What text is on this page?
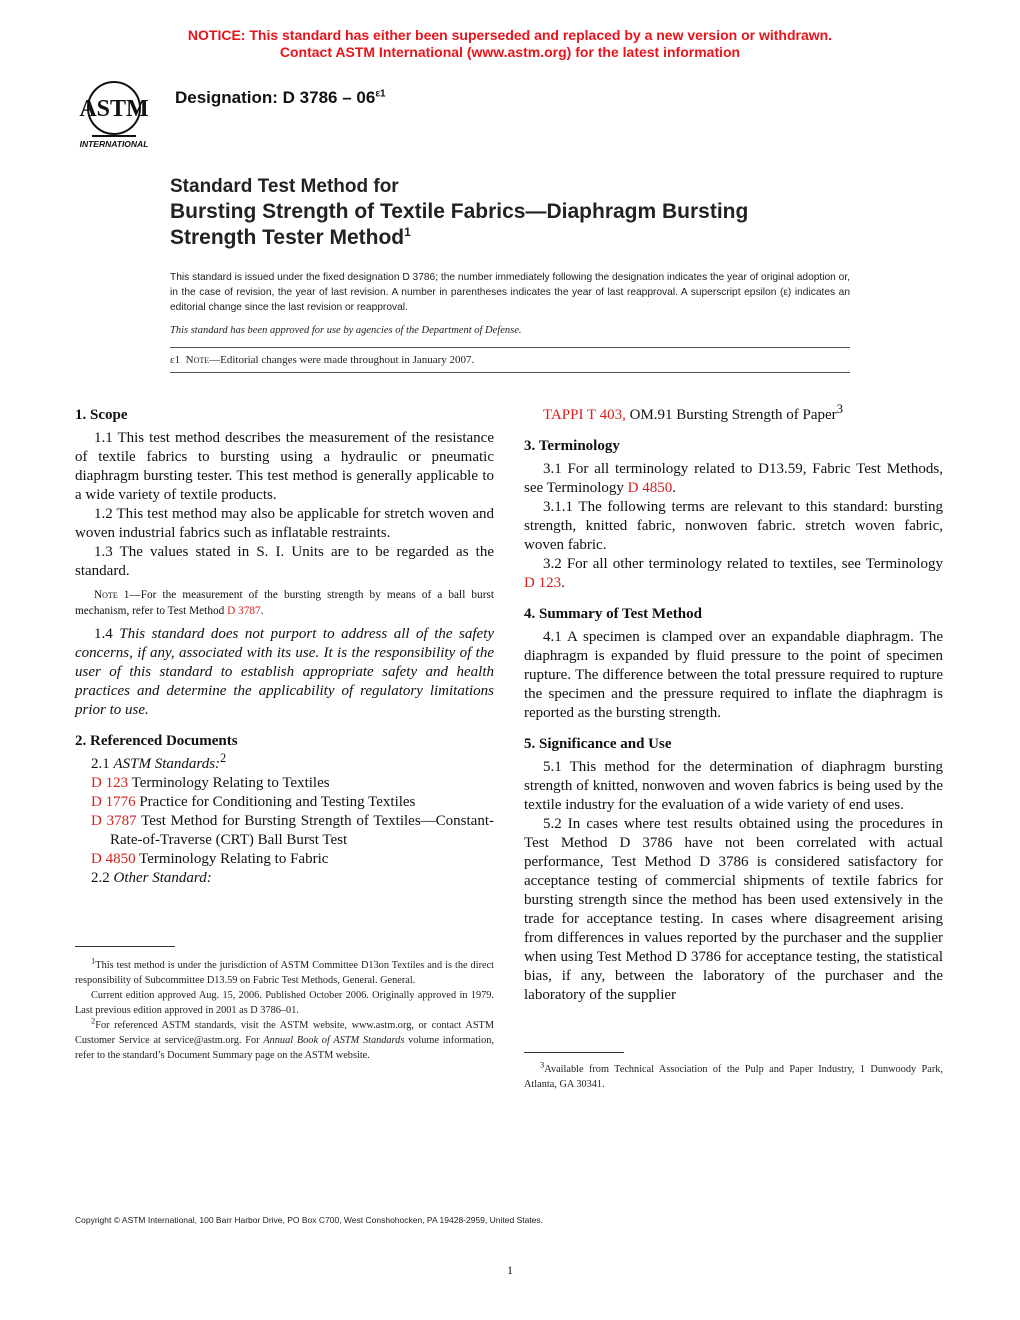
NOTICE: This standard has either been superseded and replaced by a new version or withdrawn.
Contact ASTM International (www.astm.org) for the latest information
ASTM
INTERNATIONAL
Designation: D $3786 - 06^{\varepsilon 1}$
Standard Test Method for
Bursting Strength of Textile Fabrics—Diaphragm Bursting
Strength Tester Method$^1$
This standard is issued under the fixed designation D 3786; the number immediately following the designation indicates the year of original adoption or, in the case of revision, the year of last revision. A number in parentheses indicates the year of last reapproval. A superscript epsilon (ε) indicates an editorial change since the last revision or reapproval.
This standard has been approved for use by agencies of the Department of Defense.
ε1 Note—Editorial changes were made throughout in January 2007.
1. Scope

1.1 This test method describes the measurement of the resistance of textile fabrics to bursting using a hydraulic or pneumatic diaphragm bursting tester. This test method is generally applicable to a wide variety of textile products.

1.2 This test method may also be applicable for stretch woven and woven industrial fabrics such as inflatable restraints.

1.3 The values stated in S. I. Units are to be regarded as the standard.

Note 1—For the measurement of the bursting strength by means of a ball burst mechanism, refer to Test Method D 3787.

1.4 This standard does not purport to address all of the safety concerns, if any, associated with its use. It is the responsibility of the user of this standard to establish appropriate safety and health practices and determine the applicability of regulatory limitations prior to use.

2. Referenced Documents

2.1 ASTM Standards:$^2$

D 123 Terminology Relating to Textiles

D 1776 Practice for Conditioning and Testing Textiles

D 3787 Test Method for Bursting Strength of Textiles—Constant-Rate-of-Traverse (CRT) Ball Burst Test

D 4850 Terminology Relating to Fabric

2.2 Other Standard:

$^1$This test method is under the jurisdiction of ASTM Committee D13on Textiles and is the direct responsibility of Subcommittee D13.59 on Fabric Test Methods, General. General.

Current edition approved Aug. 15, 2006. Published October 2006. Originally approved in 1979. Last previous edition approved in 2001 as D 3786–01.

$^2$For referenced ASTM standards, visit the ASTM website, www.astm.org, or contact ASTM Customer Service at service@astm.org. For Annual Book of ASTM Standards volume information, refer to the standard’s Document Summary page on the ASTM website.

TAPPI T 403, OM.91 Bursting Strength of Paper$^3$

3. Terminology

3.1 For all terminology related to D13.59, Fabric Test Methods, see Terminology D 4850.

3.1.1 The following terms are relevant to this standard: bursting strength, knitted fabric, nonwoven fabric. stretch woven fabric, woven fabric.

3.2 For all other terminology related to textiles, see Terminology D 123.

4. Summary of Test Method

4.1 A specimen is clamped over an expandable diaphragm. The diaphragm is expanded by fluid pressure to the point of specimen rupture. The difference between the total pressure required to rupture the specimen and the pressure required to inflate the diaphragm is reported as the bursting strength.

5. Significance and Use

5.1 This method for the determination of diaphragm bursting strength of knitted, nonwoven and woven fabrics is being used by the textile industry for the evaluation of a wide variety of end uses.

5.2 In cases where test results obtained using the procedures in Test Method D 3786 have not been correlated with actual performance, Test Method D 3786 is considered satisfactory for acceptance testing of commercial shipments of textile fabrics for bursting strength since the method has been used extensively in the trade for acceptance testing. In cases where disagreement arising from differences in values reported by the purchaser and the supplier when using Test Method D 3786 for acceptance testing, the statistical bias, if any, between the laboratory of the purchaser and the laboratory of the supplier

$^3$Available from Technical Association of the Pulp and Paper Industry, 1 Dunwoody Park, Atlanta, GA 30341.

Copyright © ASTM International, 100 Barr Harbor Drive, PO Box C700, West Conshohocken, PA 19428-2959, United States.
1
